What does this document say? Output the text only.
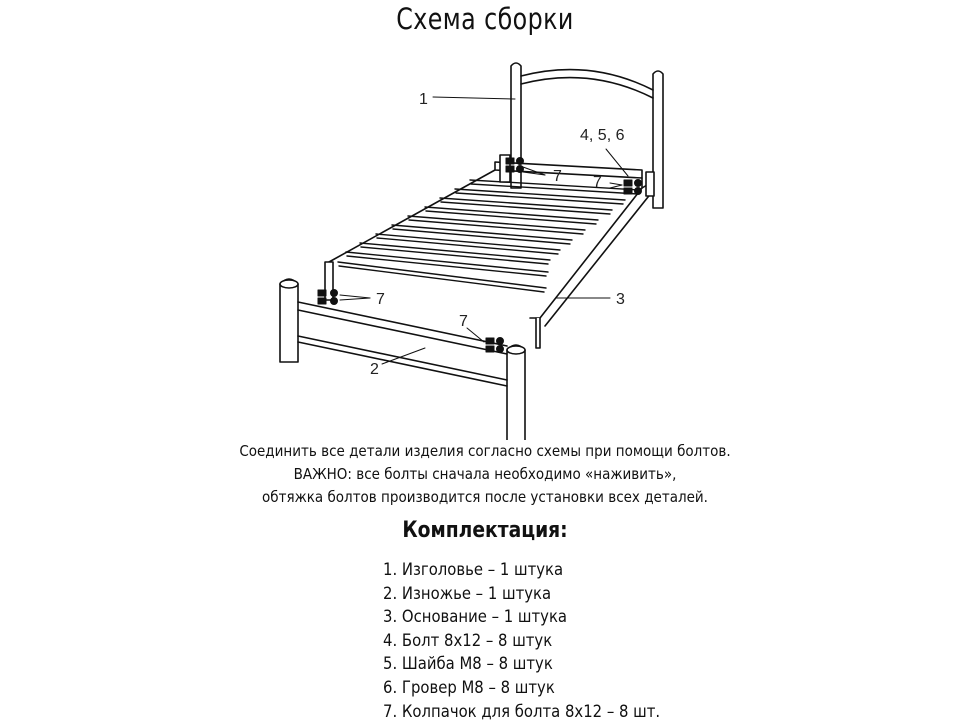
Схема сборки
1
3
2
4, 5, 6
7 7
7
7
Соединить все детали изделия согласно схемы при помощи болтов.
ВАЖНО: все болты сначала необходимо «наживить»,
обтяжка болтов производится после установки всех деталей.
Комплектация:
1. Изголовье – 1 штука
2. Изножье – 1 штука
3. Основание – 1 штука
4. Болт 8х12 – 8 штук
5. Шайба М8 – 8 штук
6. Гровер М8 – 8 штук
7. Колпачок для болта 8х12 – 8 шт.
